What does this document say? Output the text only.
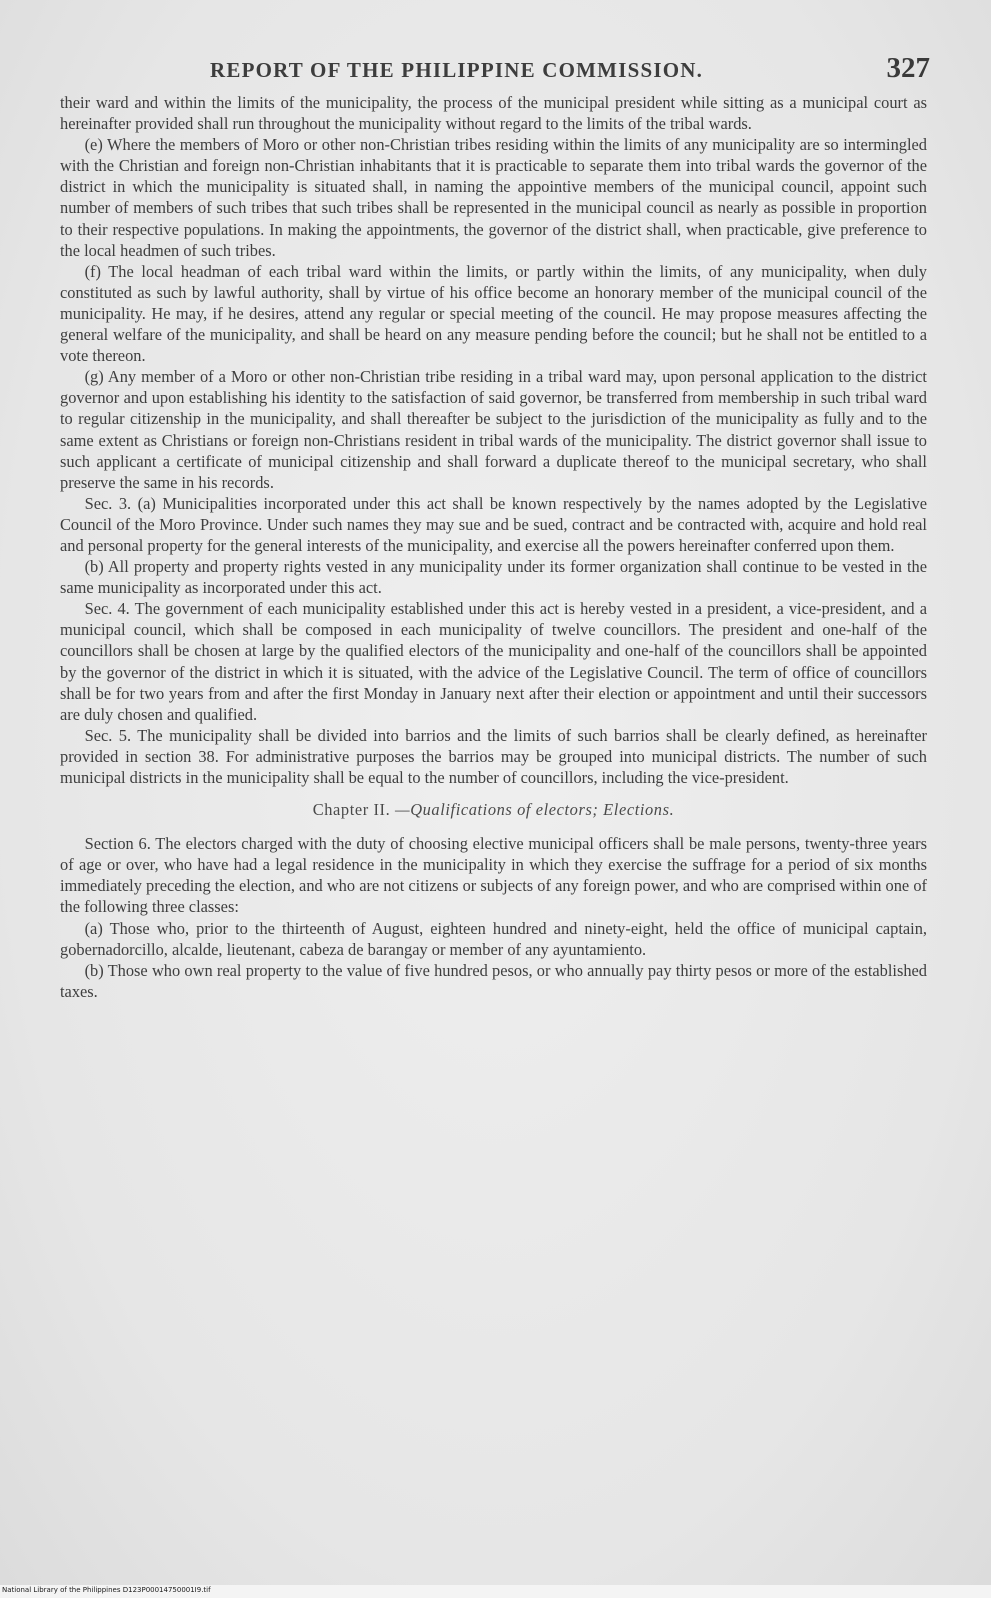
REPORT OF THE PHILIPPINE COMMISSION.	327

their ward and within the limits of the municipality, the process of the municipal president while sitting as a municipal court as hereinafter provided shall run throughout the municipality without regard to the limits of the tribal wards.

(e) Where the members of Moro or other non-Christian tribes residing within the limits of any municipality are so intermingled with the Christian and foreign non-Christian inhabitants that it is practicable to separate them into tribal wards the governor of the district in which the municipality is situated shall, in naming the appointive members of the municipal council, appoint such number of members of such tribes that such tribes shall be represented in the municipal council as nearly as possible in proportion to their respective populations. In making the appointments, the governor of the district shall, when practicable, give preference to the local headmen of such tribes.

(f) The local headman of each tribal ward within the limits, or partly within the limits, of any municipality, when duly constituted as such by lawful authority, shall by virtue of his office become an honorary member of the municipal council of the municipality. He may, if he desires, attend any regular or special meeting of the council. He may propose measures affecting the general welfare of the municipality, and shall be heard on any measure pending before the council; but he shall not be entitled to a vote thereon.

(g) Any member of a Moro or other non-Christian tribe residing in a tribal ward may, upon personal application to the district governor and upon establishing his identity to the satisfaction of said governor, be transferred from membership in such tribal ward to regular citizenship in the municipality, and shall thereafter be subject to the jurisdiction of the municipality as fully and to the same extent as Christians or foreign non-Christians resident in tribal wards of the municipality. The district governor shall issue to such applicant a certificate of municipal citizenship and shall forward a duplicate thereof to the municipal secretary, who shall preserve the same in his records.

Sec. 3. (a) Municipalities incorporated under this act shall be known respectively by the names adopted by the Legislative Council of the Moro Province. Under such names they may sue and be sued, contract and be contracted with, acquire and hold real and personal property for the general interests of the municipality, and exercise all the powers hereinafter conferred upon them.

(b) All property and property rights vested in any municipality under its former organization shall continue to be vested in the same municipality as incorporated under this act.

Sec. 4. The government of each municipality established under this act is hereby vested in a president, a vice-president, and a municipal council, which shall be composed in each municipality of twelve councillors. The president and one-half of the councillors shall be chosen at large by the qualified electors of the municipality and one-half of the councillors shall be appointed by the governor of the district in which it is situated, with the advice of the Legislative Council. The term of office of councillors shall be for two years from and after the first Monday in January next after their election or appointment and until their successors are duly chosen and qualified.

Sec. 5. The municipality shall be divided into barrios and the limits of such barrios shall be clearly defined, as hereinafter provided in section 38. For administrative purposes the barrios may be grouped into municipal districts. The number of such municipal districts in the municipality shall be equal to the number of councillors, including the vice-president.

Chapter II. —Qualifications of electors; Elections.

Section 6. The electors charged with the duty of choosing elective municipal officers shall be male persons, twenty-three years of age or over, who have had a legal residence in the municipality in which they exercise the suffrage for a period of six months immediately preceding the election, and who are not citizens or subjects of any foreign power, and who are comprised within one of the following three classes:

(a) Those who, prior to the thirteenth of August, eighteen hundred and ninety-eight, held the office of municipal captain, gobernadorcillo, alcalde, lieutenant, cabeza de barangay or member of any ayuntamiento.

(b) Those who own real property to the value of five hundred pesos, or who annually pay thirty pesos or more of the established taxes.

National Library of the Philippines D123P00014750001I9.tif
